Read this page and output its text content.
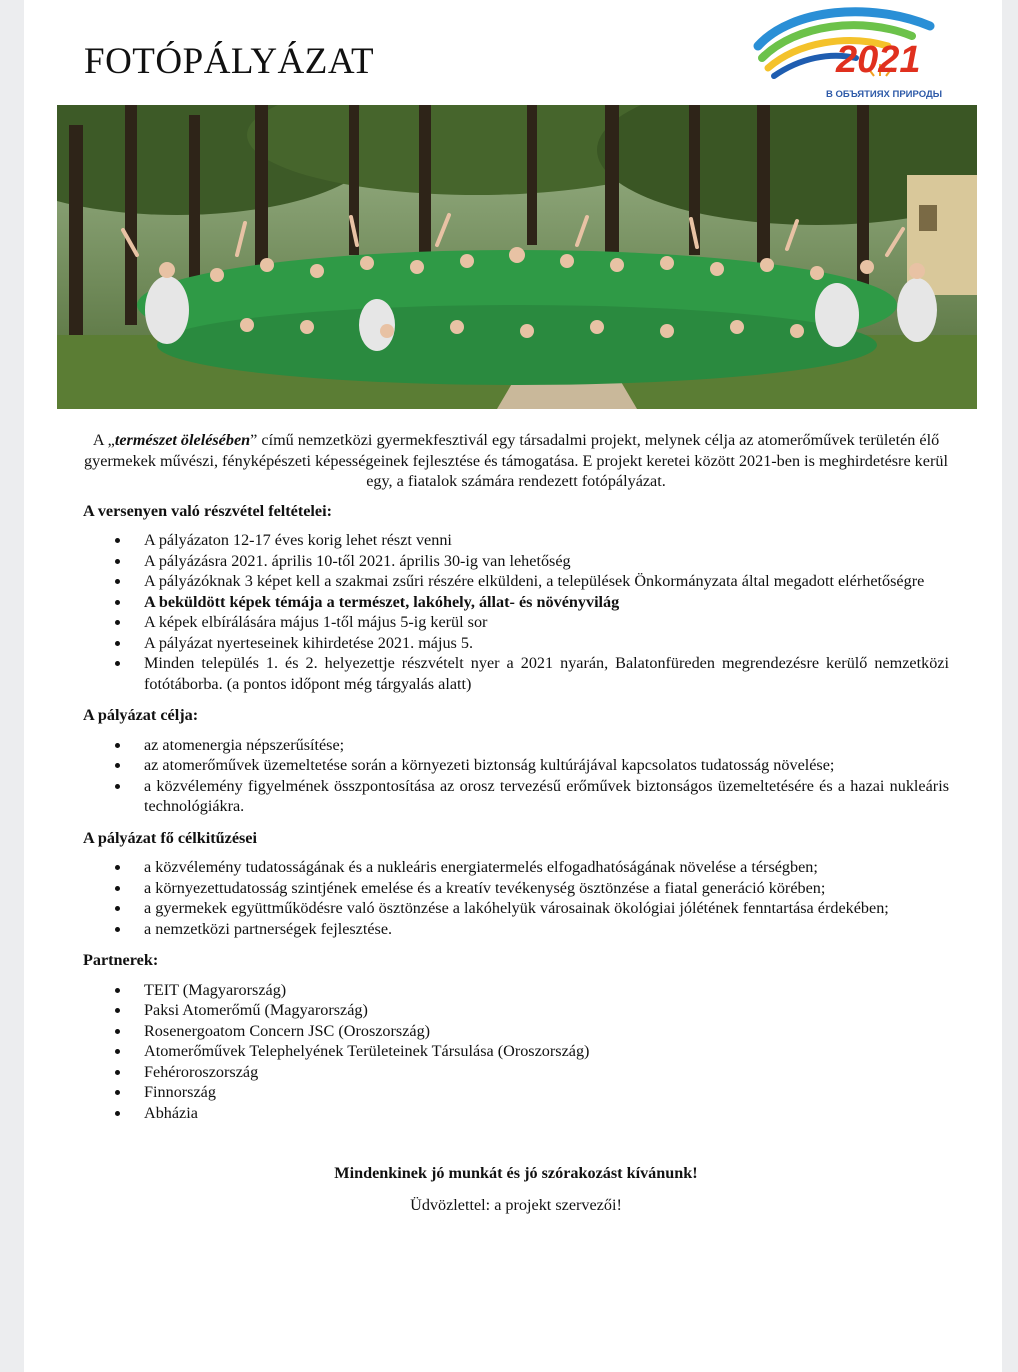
FOTÓPÁLYÁZAT	2021
В ОБЪЯТИЯХ ПРИРОДЫ

A „természet ölelésében” című nemzetközi gyermekfesztivál egy társadalmi projekt, melynek célja az atomerőművek területén élő gyermekek művészi, fényképészeti képességeinek fejlesztése és támogatása. E projekt keretei között 2021-ben is meghirdetésre kerül egy, a fiatalok számára rendezett fotópályázat.

A versenyen való részvétel feltételei:
A pályázaton 12-17 éves korig lehet részt venni
A pályázásra 2021. április 10-től 2021. április 30-ig van lehetőség
A pályázóknak 3 képet kell a szakmai zsűri részére elküldeni, a települések Önkormányzata által megadott elérhetőségre
A beküldött képek témája a természet, lakóhely, állat- és növényvilág
A képek elbírálására május 1-től május 5-ig kerül sor
A pályázat nyerteseinek kihirdetése 2021. május 5.
Minden település 1. és 2. helyezettje részvételt nyer a 2021 nyarán, Balatonfüreden megrendezésre kerülő nemzetközi fotótáborba. (a pontos időpont még tárgyalás alatt)
A pályázat célja:
az atomenergia népszerűsítése;
az atomerőművek üzemeltetése során a környezeti biztonság kultúrájával kapcsolatos tudatosság növelése;
a közvélemény figyelmének összpontosítása az orosz tervezésű erőművek biztonságos üzemeltetésére és a hazai nukleáris technológiákra.
A pályázat fő célkitűzései
a közvélemény tudatosságának és a nukleáris energiatermelés elfogadhatóságának növelése a térségben;
a környezettudatosság szintjének emelése és a kreatív tevékenység ösztönzése a fiatal generáció körében;
a gyermekek együttműködésre való ösztönzése a lakóhelyük városainak ökológiai jólétének fenntartása érdekében;
a nemzetközi partnerségek fejlesztése.
Partnerek:
TEIT (Magyarország)
Paksi Atomerőmű (Magyarország)
Rosenergoatom Concern JSC (Oroszország)
Atomerőművek Telephelyének Területeinek Társulása (Oroszország)
Fehéroroszország
Finnország
Abházia
Mindenkinek jó munkát és jó szórakozást kívánunk!
Üdvözlettel: a projekt szervezői!
